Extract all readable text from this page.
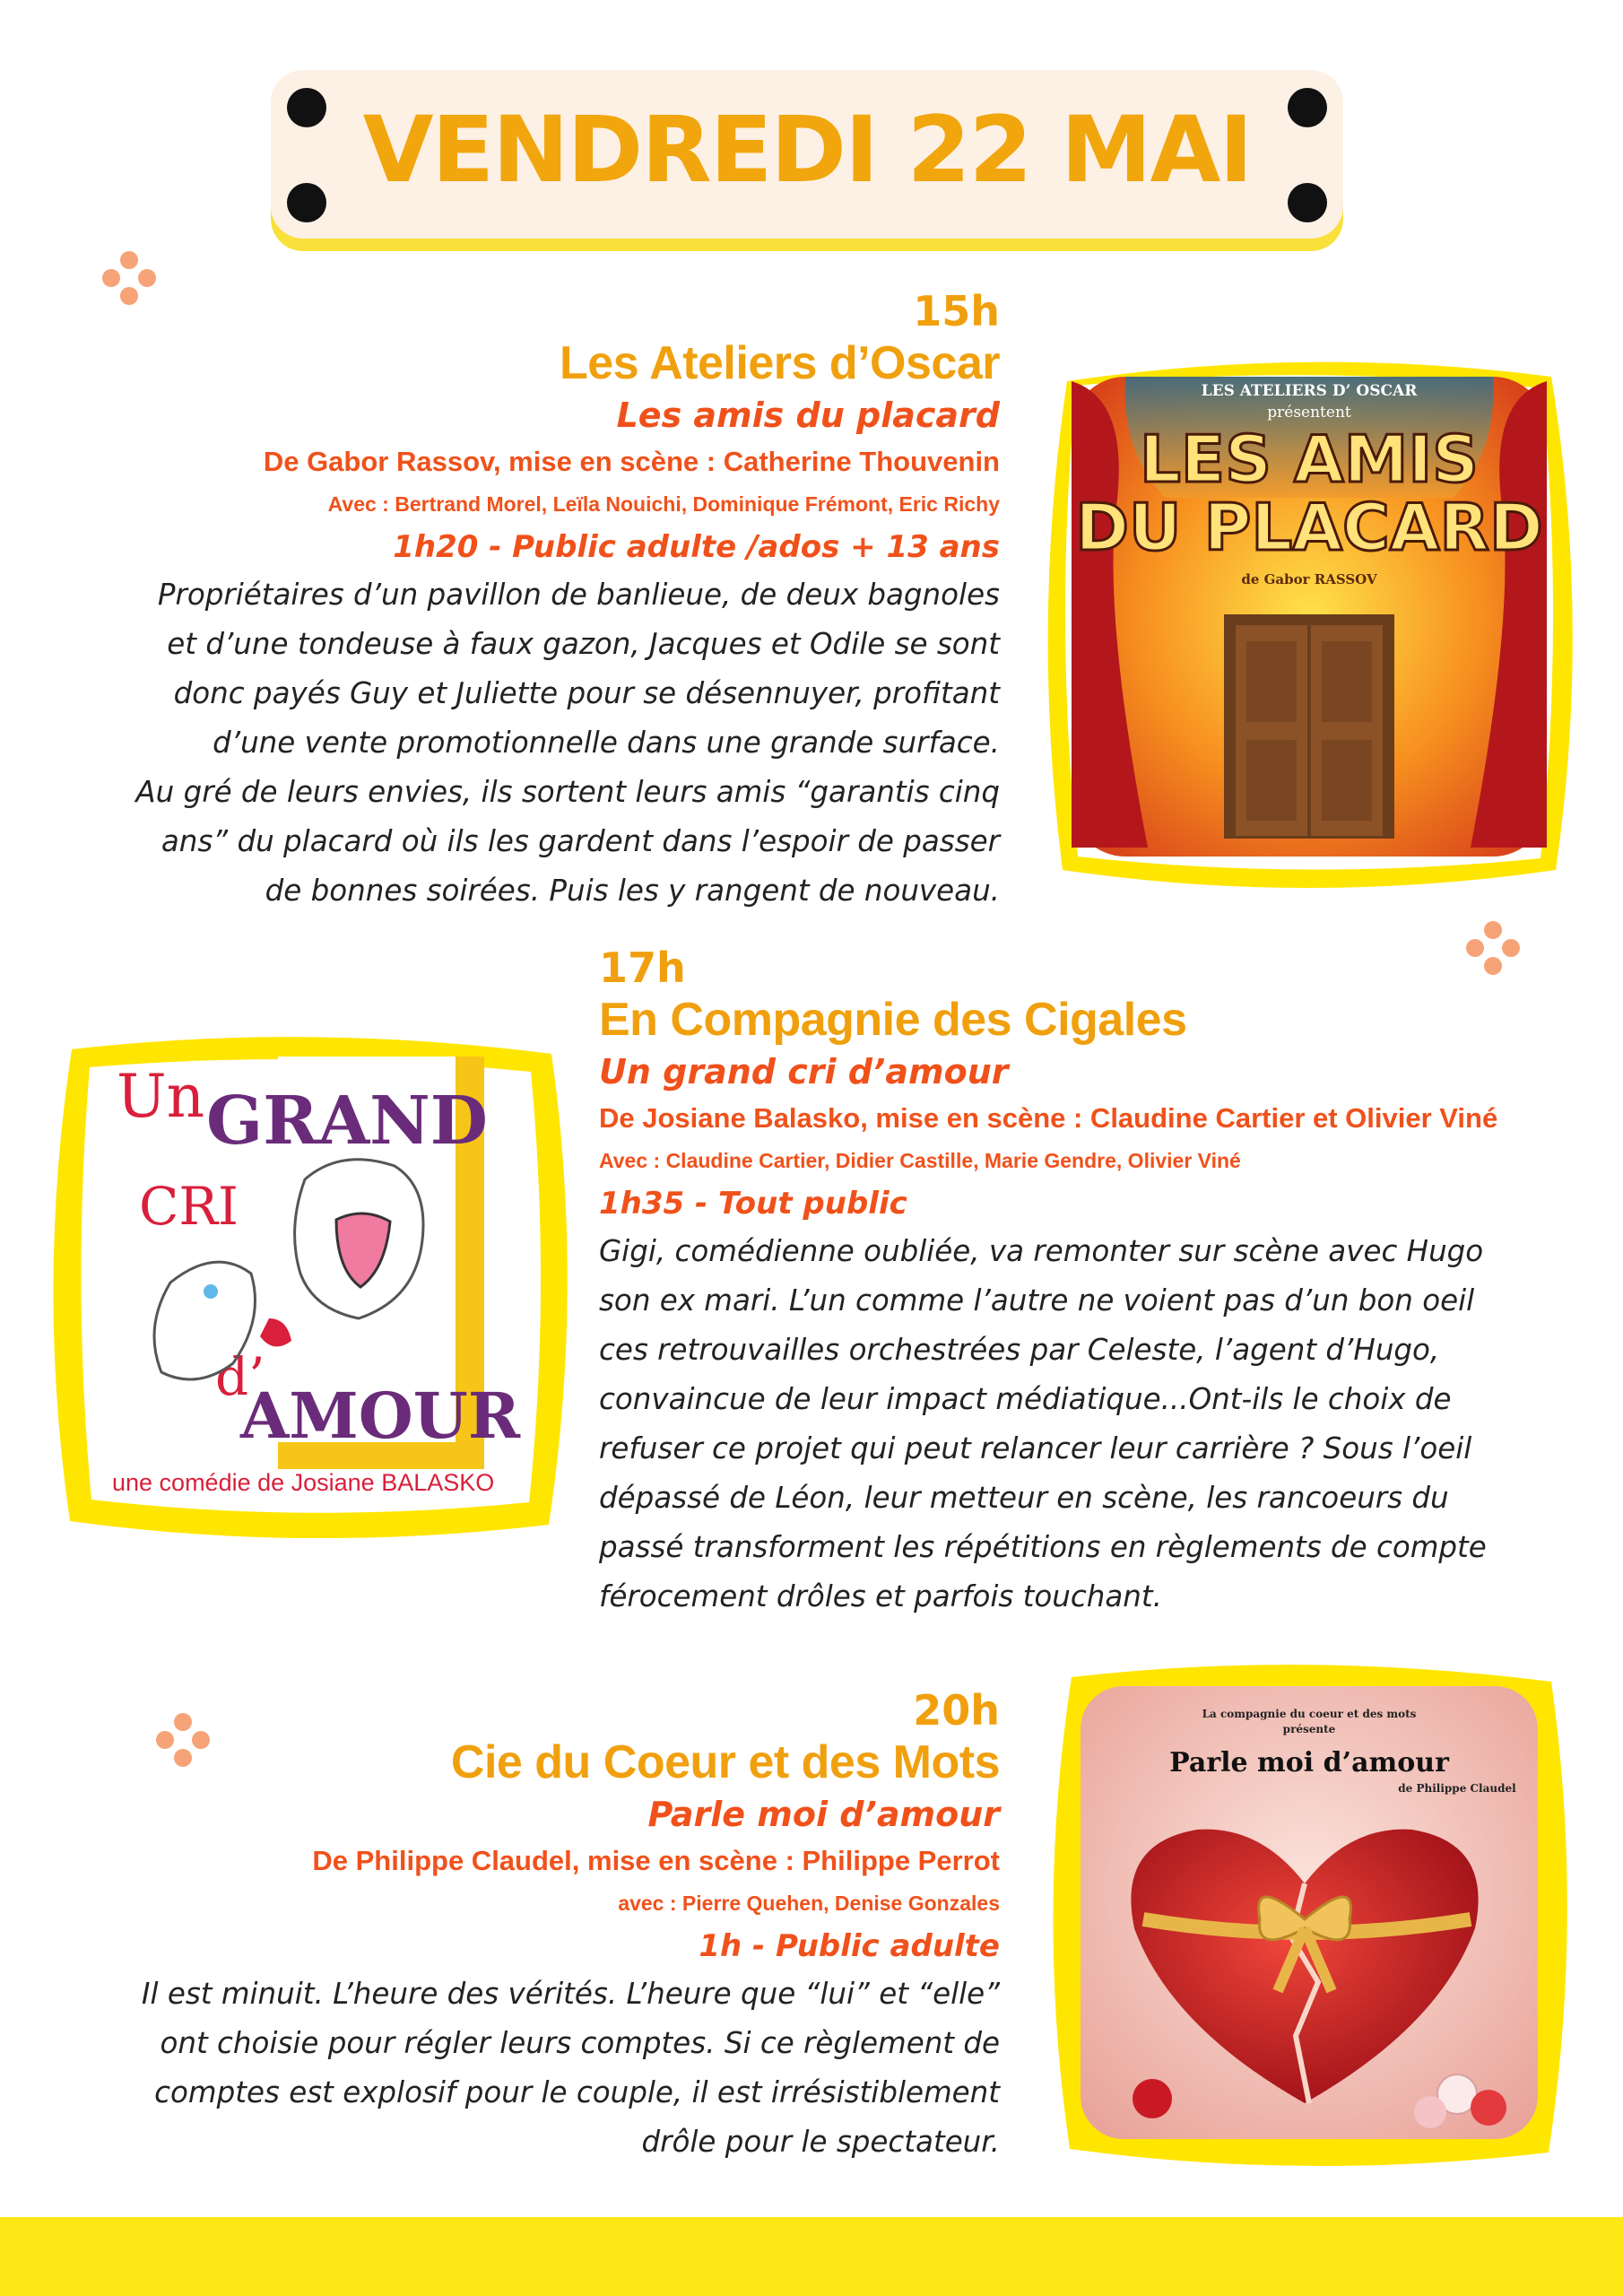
VENDREDI 22 MAI
15h
Les Ateliers d’Oscar
Les amis du placard
De Gabor Rassov, mise en scène : Catherine Thouvenin
Avec : Bertrand Morel, Leïla Nouichi, Dominique Frémont, Eric Richy
1h20 - Public adulte /ados + 13 ans

Propriétaires d’un pavillon de banlieue, de deux bagnoles
et d’une tondeuse à faux gazon, Jacques et Odile se sont
donc payés Guy et Juliette pour se désennuyer, profitant
d’une vente promotionnelle dans une grande surface.
Au gré de leurs envies, ils sortent leurs amis “garantis cinq
ans” du placard où ils les gardent dans l’espoir de passer
de bonnes soirées. Puis les y rangent de nouveau.

LES ATELIERS D’ OSCAR
présentent
LES AMIS
DU PLACARD
de Gabor RASSOV
17h
En Compagnie des Cigales
Un grand cri d’amour
De Josiane Balasko, mise en scène : Claudine Cartier et Olivier Viné
Avec : Claudine Cartier, Didier Castille, Marie Gendre, Olivier Viné
1h35 - Tout public

Gigi, comédienne oubliée, va remonter sur scène avec Hugo
son ex mari. L’un comme l’autre ne voient pas d’un bon oeil
ces retrouvailles orchestrées par Celeste, l’agent d’Hugo,
convaincue de leur impact médiatique...Ont-ils le choix de
refuser ce projet qui peut relancer leur carrière ? Sous l’oeil
dépassé de Léon, leur metteur en scène, les rancoeurs du
passé transforment les répétitions en règlements de compte
férocement drôles et parfois touchant.

Un GRAND
CRI
d’
AMOUR
une comédie de Josiane BALASKO
20h
Cie du Coeur et des Mots
Parle moi d’amour
De Philippe Claudel, mise en scène : Philippe Perrot
avec : Pierre Quehen, Denise Gonzales
1h - Public adulte

Il est minuit. L’heure des vérités. L’heure que “lui” et “elle”
ont choisie pour régler leurs comptes. Si ce règlement de
comptes est explosif pour le couple, il est irrésistiblement
drôle pour le spectateur.

La compagnie du coeur et des mots
présente
Parle moi d’amour
de Philippe Claudel
